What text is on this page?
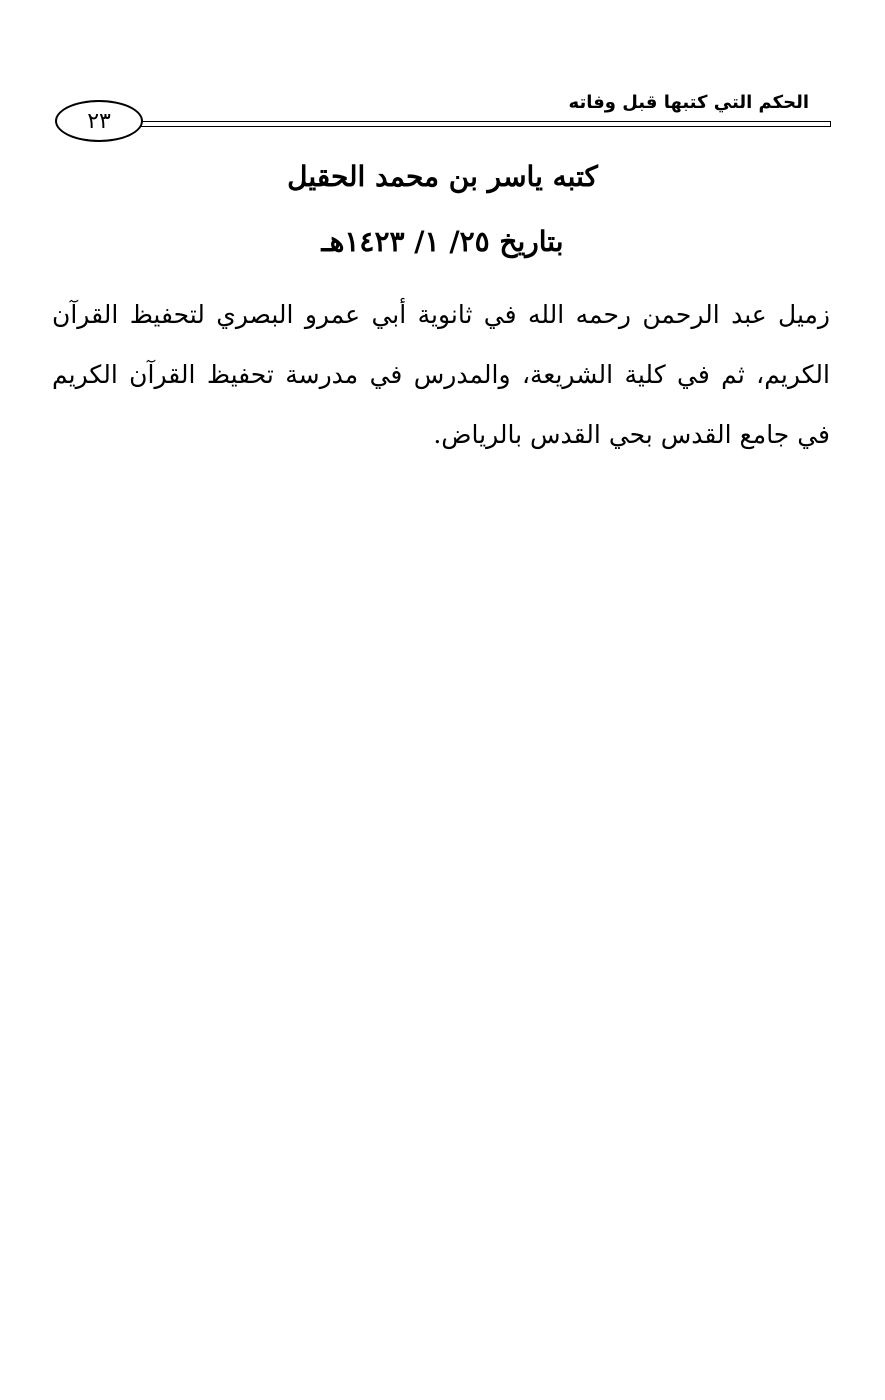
الحكم التي كتبها قبل وفاته
٢٣
كتبه ياسر بن محمد الحقيل
بتاريخ ٢٥/ ١/ ١٤٢٣هـ
زميل عبد الرحمن رحمه الله في ثانوية أبي عمرو البصري لتحفيظ القرآن الكريم، ثم في كلية الشريعة، والمدرس في مدرسة تحفيظ القرآن الكريم في جامع القدس بحي القدس بالرياض.
